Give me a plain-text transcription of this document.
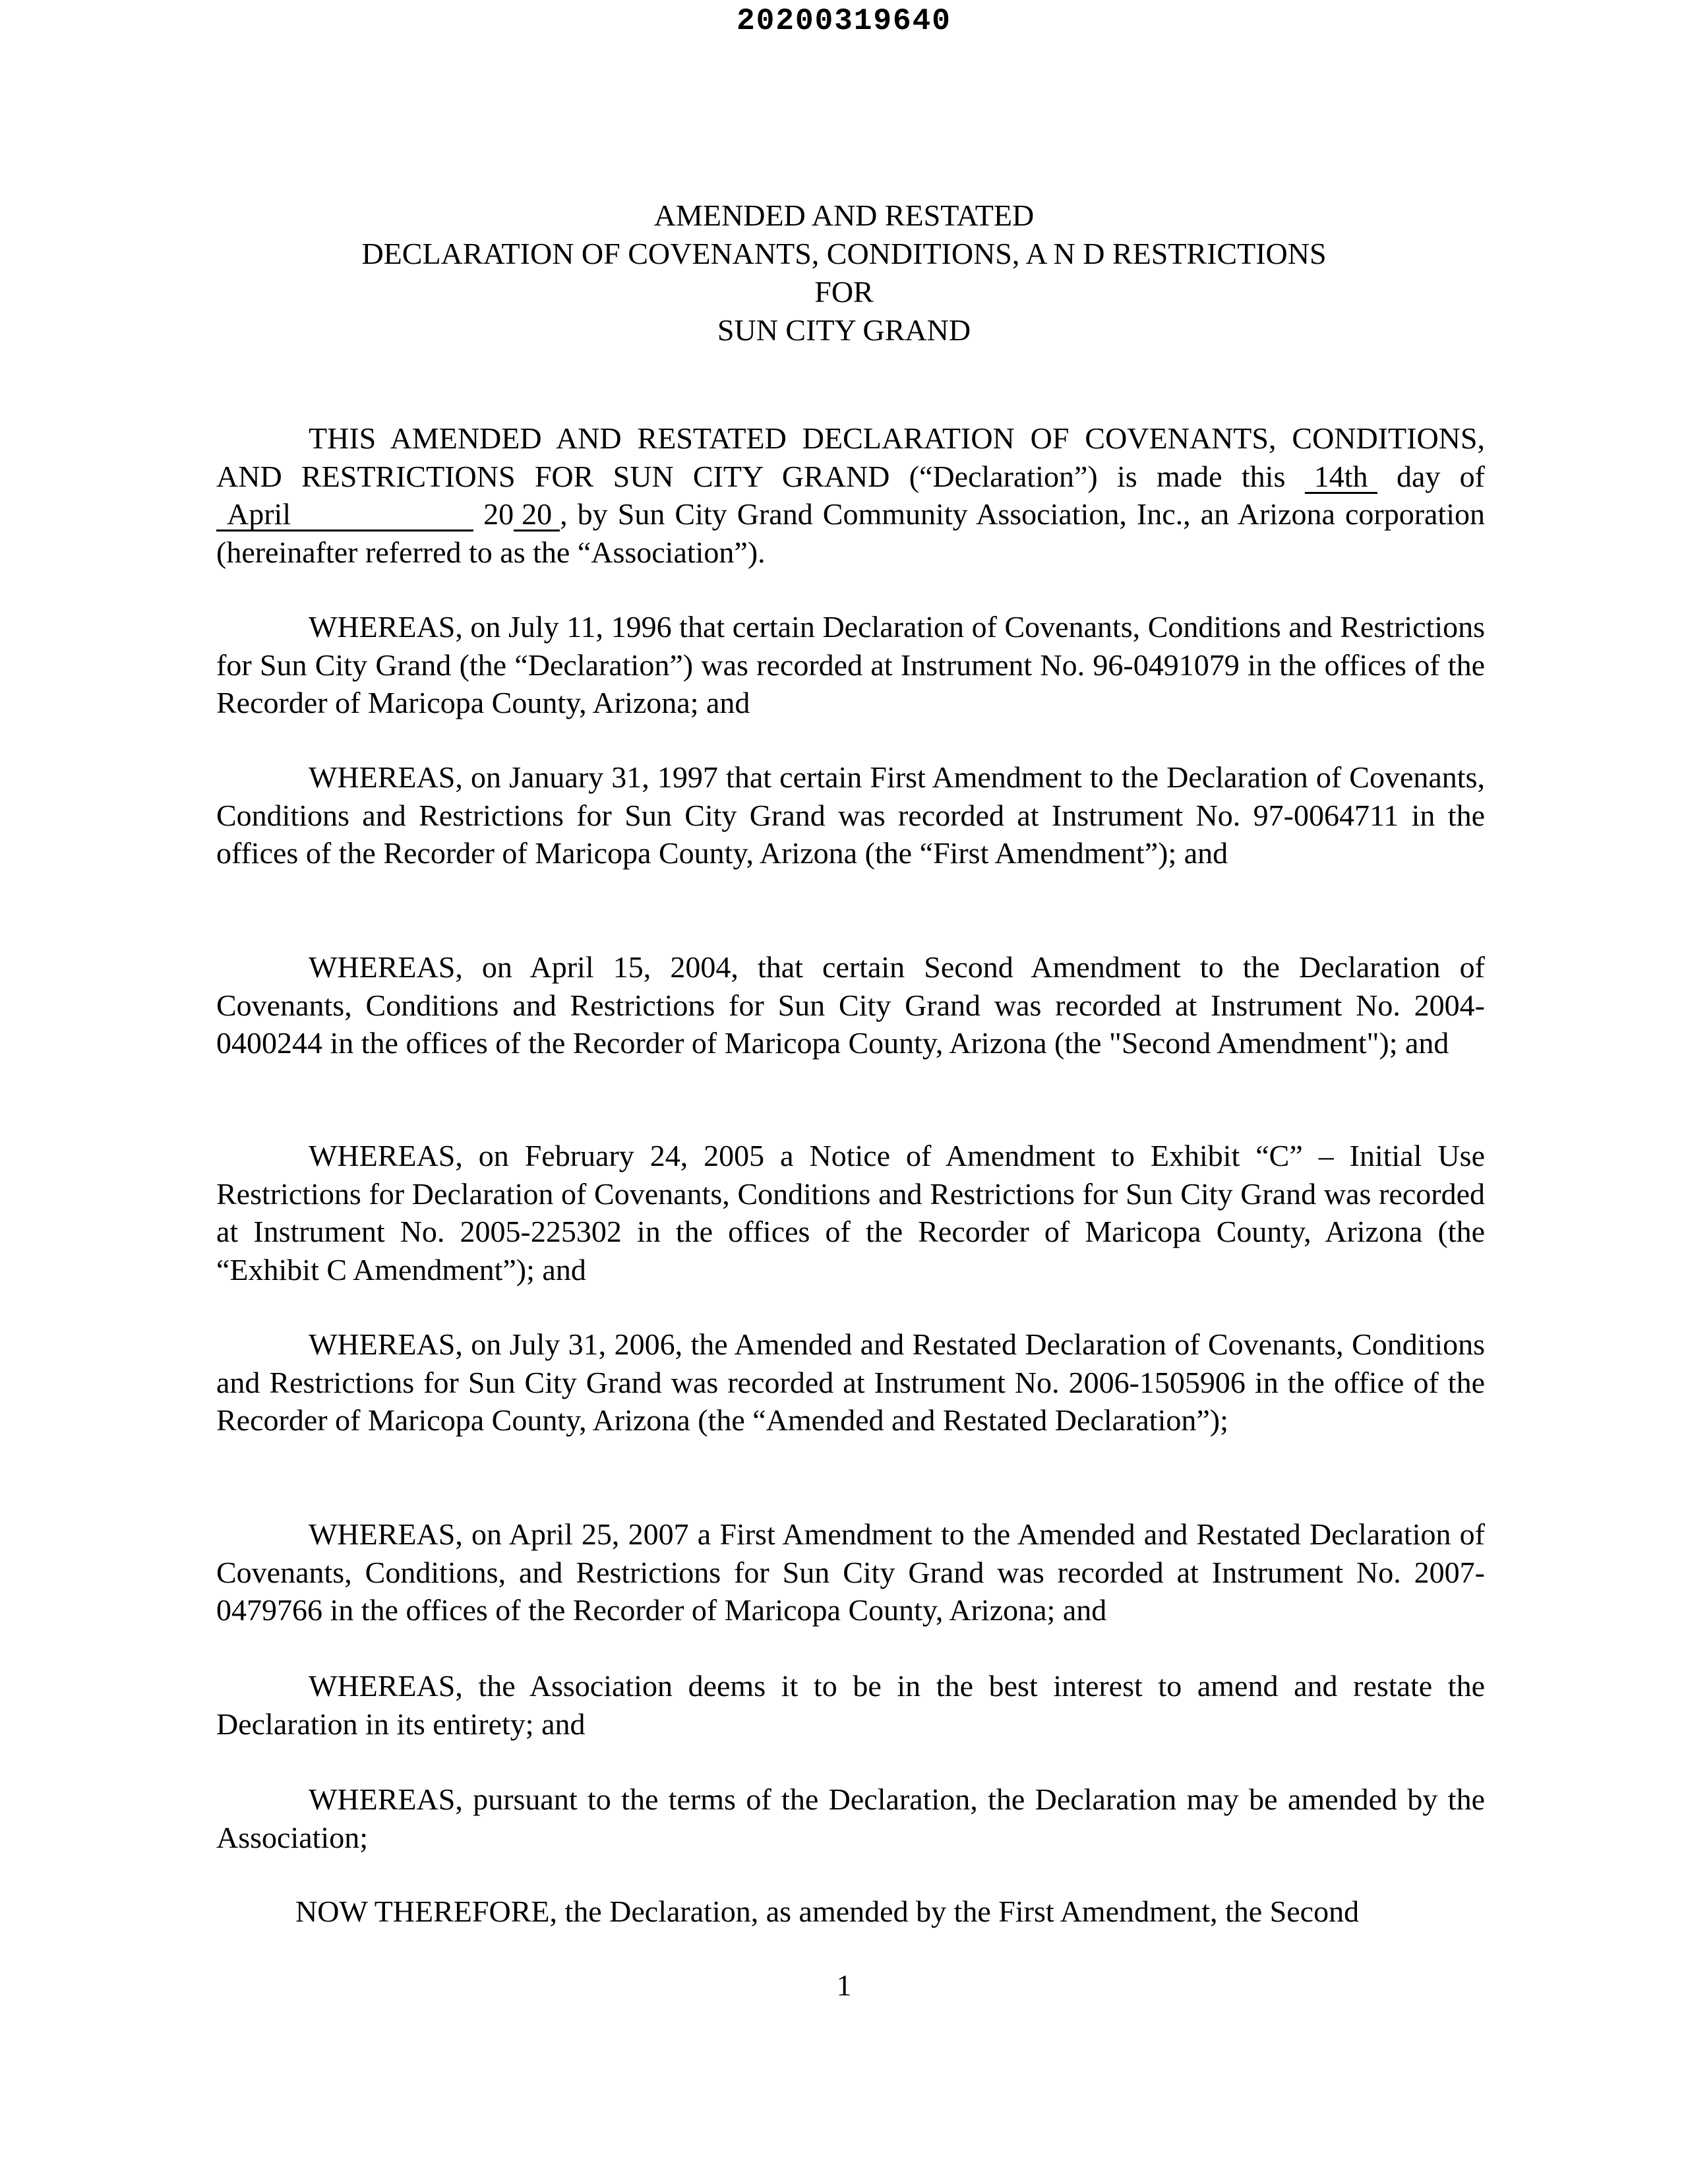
20200319640
AMENDED AND RESTATED
DECLARATION OF COVENANTS, CONDITIONS, A N D RESTRICTIONS
FOR
SUN CITY GRAND
THIS AMENDED AND RESTATED DECLARATION OF COVENANTS, CONDITIONS, AND RESTRICTIONS FOR SUN CITY GRAND (“Declaration”) is made this 14th day of April	20 20 , by Sun City Grand Community Association, Inc., an Arizona corporation (hereinafter referred to as the “Association”).
WHEREAS, on July 11, 1996 that certain Declaration of Covenants, Conditions and Restrictions for Sun City Grand (the “Declaration”) was recorded at Instrument No. 96-0491079 in the offices of the Recorder of Maricopa County, Arizona; and
WHEREAS, on January 31, 1997 that certain First Amendment to the Declaration of Covenants, Conditions and Restrictions for Sun City Grand was recorded at Instrument No. 97-0064711 in the offices of the Recorder of Maricopa County, Arizona (the “First Amendment”); and
WHEREAS, on April 15, 2004, that certain Second Amendment to the Declaration of Covenants, Conditions and Restrictions for Sun City Grand was recorded at Instrument No. 2004-0400244 in the offices of the Recorder of Maricopa County, Arizona (the "Second Amendment"); and
WHEREAS, on February 24, 2005 a Notice of Amendment to Exhibit “C” – Initial Use Restrictions for Declaration of Covenants, Conditions and Restrictions for Sun City Grand was recorded at Instrument No. 2005-225302 in the offices of the Recorder of Maricopa County, Arizona (the “Exhibit C Amendment”); and
WHEREAS, on July 31, 2006, the Amended and Restated Declaration of Covenants, Conditions and Restrictions for Sun City Grand was recorded at Instrument No. 2006-1505906 in the office of the Recorder of Maricopa County, Arizona (the “Amended and Restated Declaration”);
WHEREAS, on April 25, 2007 a First Amendment to the Amended and Restated Declaration of Covenants, Conditions, and Restrictions for Sun City Grand was recorded at Instrument No. 2007-0479766 in the offices of the Recorder of Maricopa County, Arizona; and
WHEREAS, the Association deems it to be in the best interest to amend and restate the Declaration in its entirety; and
WHEREAS, pursuant to the terms of the Declaration, the Declaration may be amended by the Association;
NOW THEREFORE, the Declaration, as amended by the First Amendment, the Second
1
